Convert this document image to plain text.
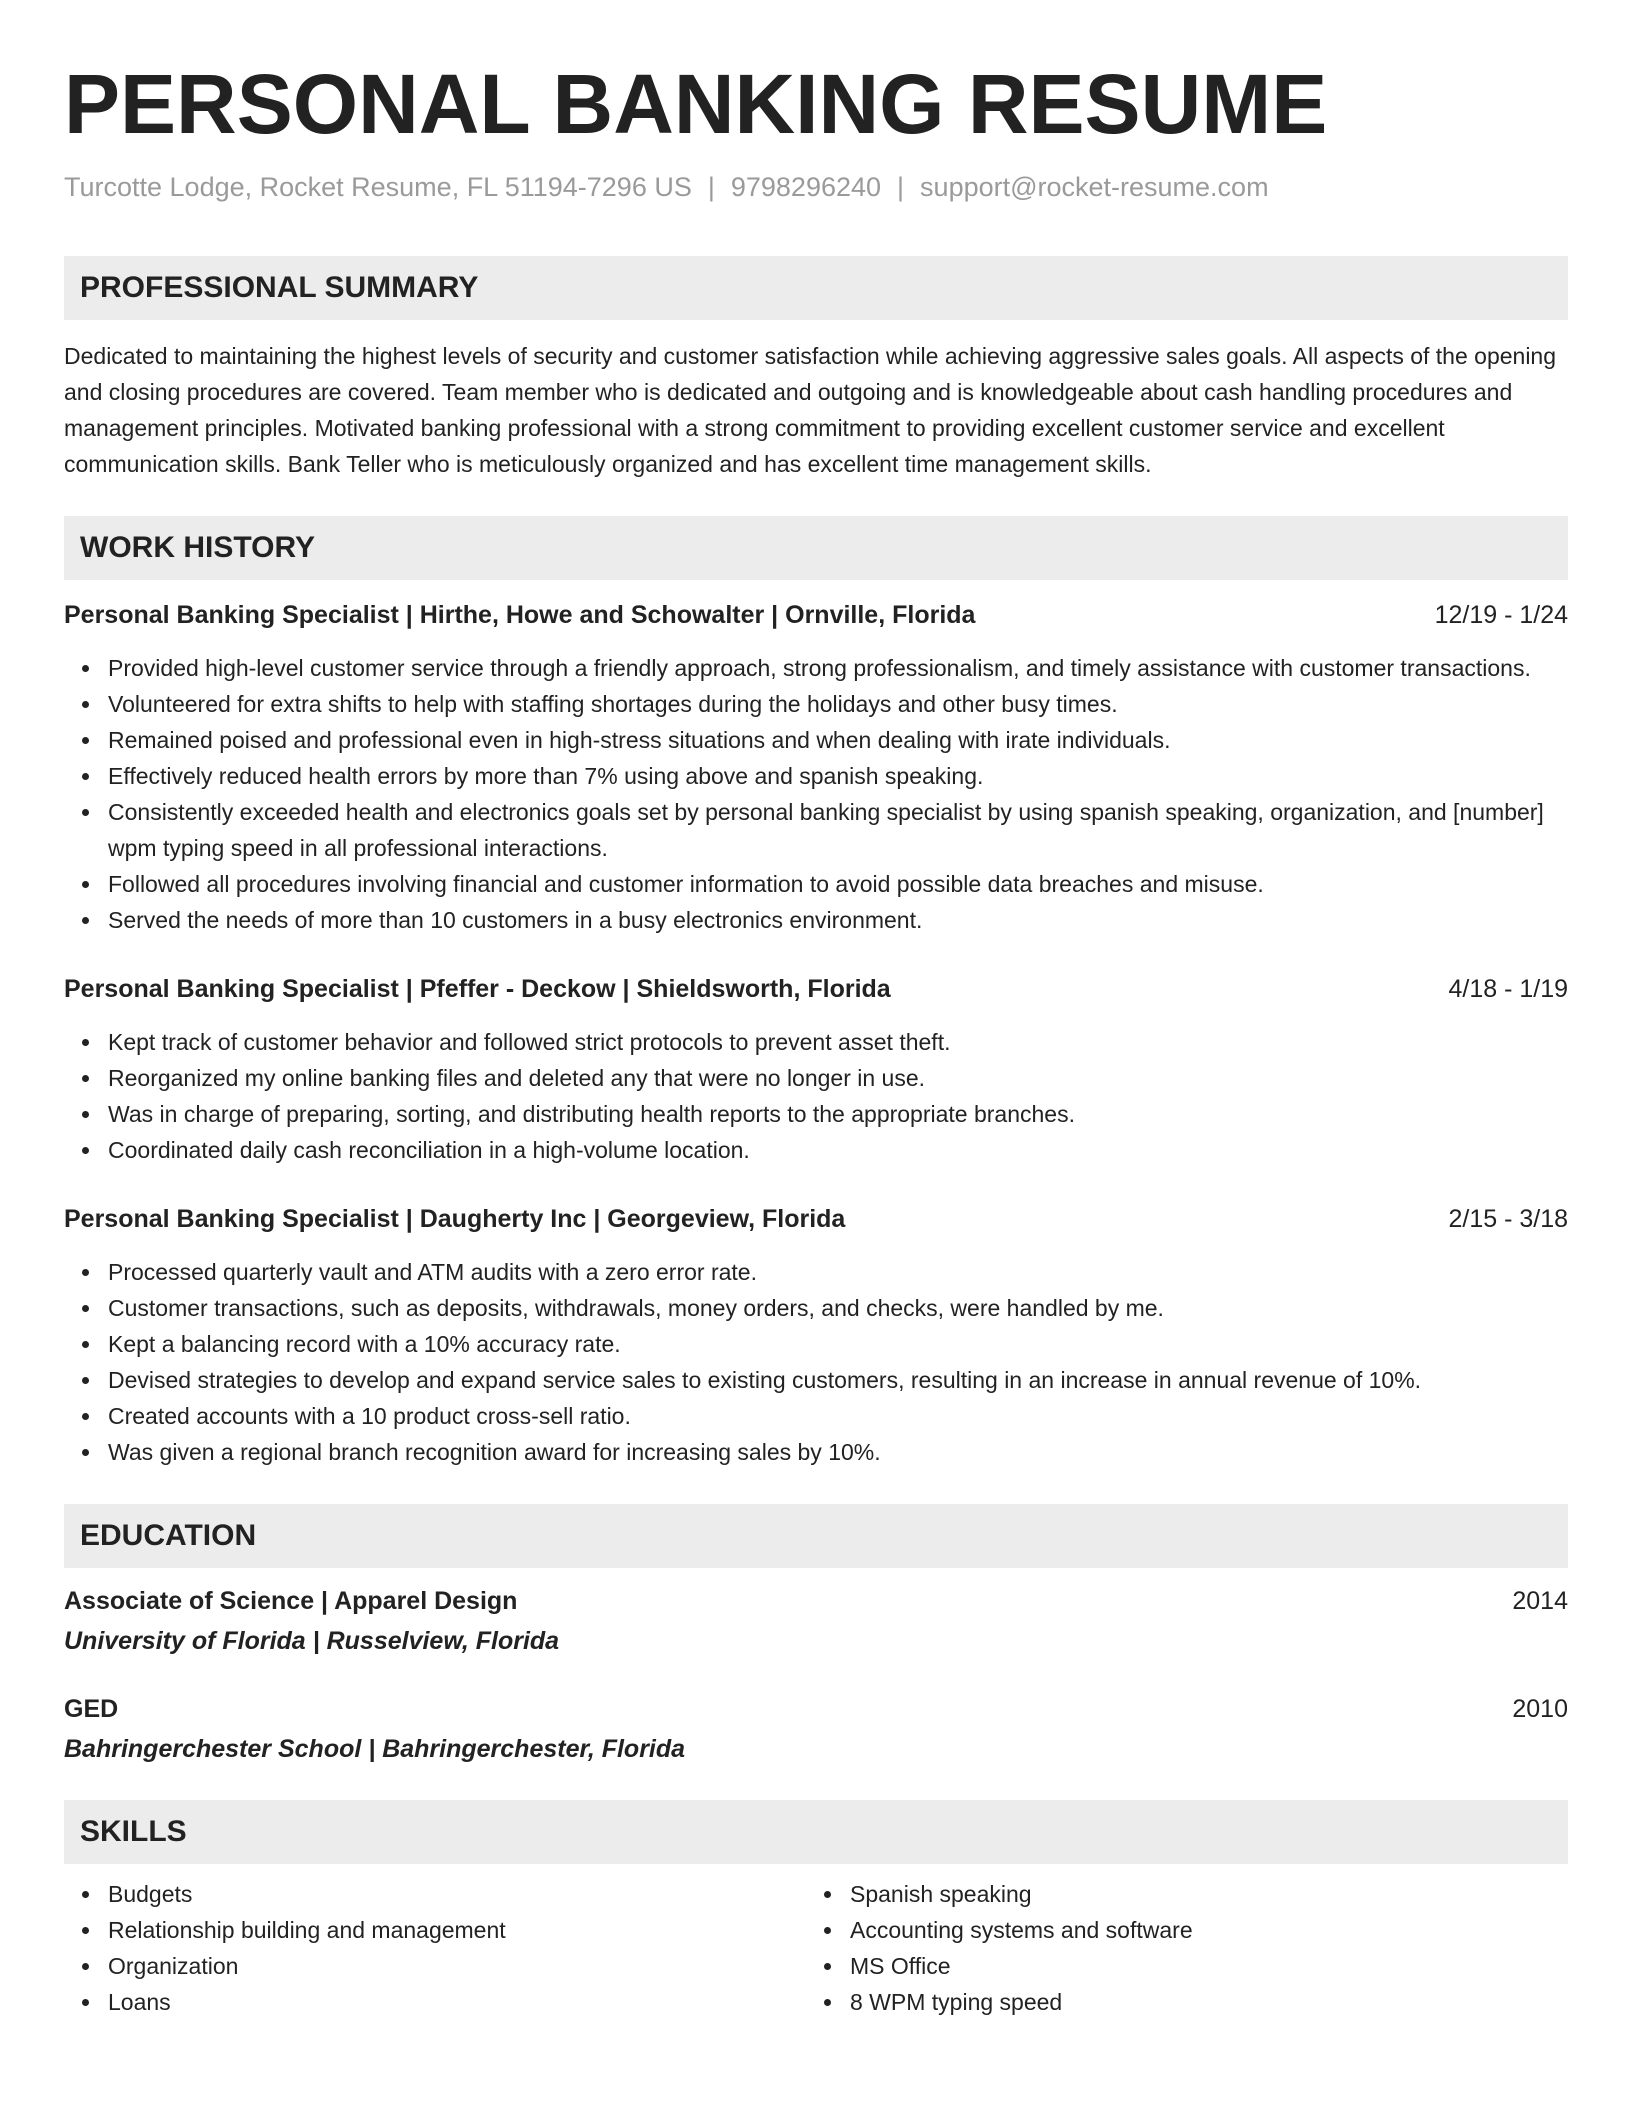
PERSONAL BANKING RESUME
Turcotte Lodge, Rocket Resume, FL 51194-7296 US | 9798296240 | support@rocket-resume.com
PROFESSIONAL SUMMARY

Dedicated to maintaining the highest levels of security and customer satisfaction while achieving aggressive sales goals. All aspects of the opening and closing procedures are covered. Team member who is dedicated and outgoing and is knowledgeable about cash handling procedures and management principles. Motivated banking professional with a strong commitment to providing excellent customer service and excellent communication skills. Bank Teller who is meticulously organized and has excellent time management skills.

WORK HISTORY
Personal Banking Specialist | Hirthe, Howe and Schowalter | Ornville, Florida	12/19 - 1/24
Provided high-level customer service through a friendly approach, strong professionalism, and timely assistance with customer transactions.
Volunteered for extra shifts to help with staffing shortages during the holidays and other busy times.
Remained poised and professional even in high-stress situations and when dealing with irate individuals.
Effectively reduced health errors by more than 7% using above and spanish speaking.
Consistently exceeded health and electronics goals set by personal banking specialist by using spanish speaking, organization, and [number] wpm typing speed in all professional interactions.
Followed all procedures involving financial and customer information to avoid possible data breaches and misuse.
Served the needs of more than 10 customers in a busy electronics environment.
Personal Banking Specialist | Pfeffer - Deckow | Shieldsworth, Florida	4/18 - 1/19
Kept track of customer behavior and followed strict protocols to prevent asset theft.
Reorganized my online banking files and deleted any that were no longer in use.
Was in charge of preparing, sorting, and distributing health reports to the appropriate branches.
Coordinated daily cash reconciliation in a high-volume location.
Personal Banking Specialist | Daugherty Inc | Georgeview, Florida	2/15 - 3/18
Processed quarterly vault and ATM audits with a zero error rate.
Customer transactions, such as deposits, withdrawals, money orders, and checks, were handled by me.
Kept a balancing record with a 10% accuracy rate.
Devised strategies to develop and expand service sales to existing customers, resulting in an increase in annual revenue of 10%.
Created accounts with a 10 product cross-sell ratio.
Was given a regional branch recognition award for increasing sales by 10%.
EDUCATION
Associate of Science | Apparel Design	2014
University of Florida | Russelview, Florida
GED	2010
Bahringerchester School | Bahringerchester, Florida
SKILLS
Budgets
Relationship building and management
Organization
Loans
Spanish speaking
Accounting systems and software
MS Office
8 WPM typing speed
